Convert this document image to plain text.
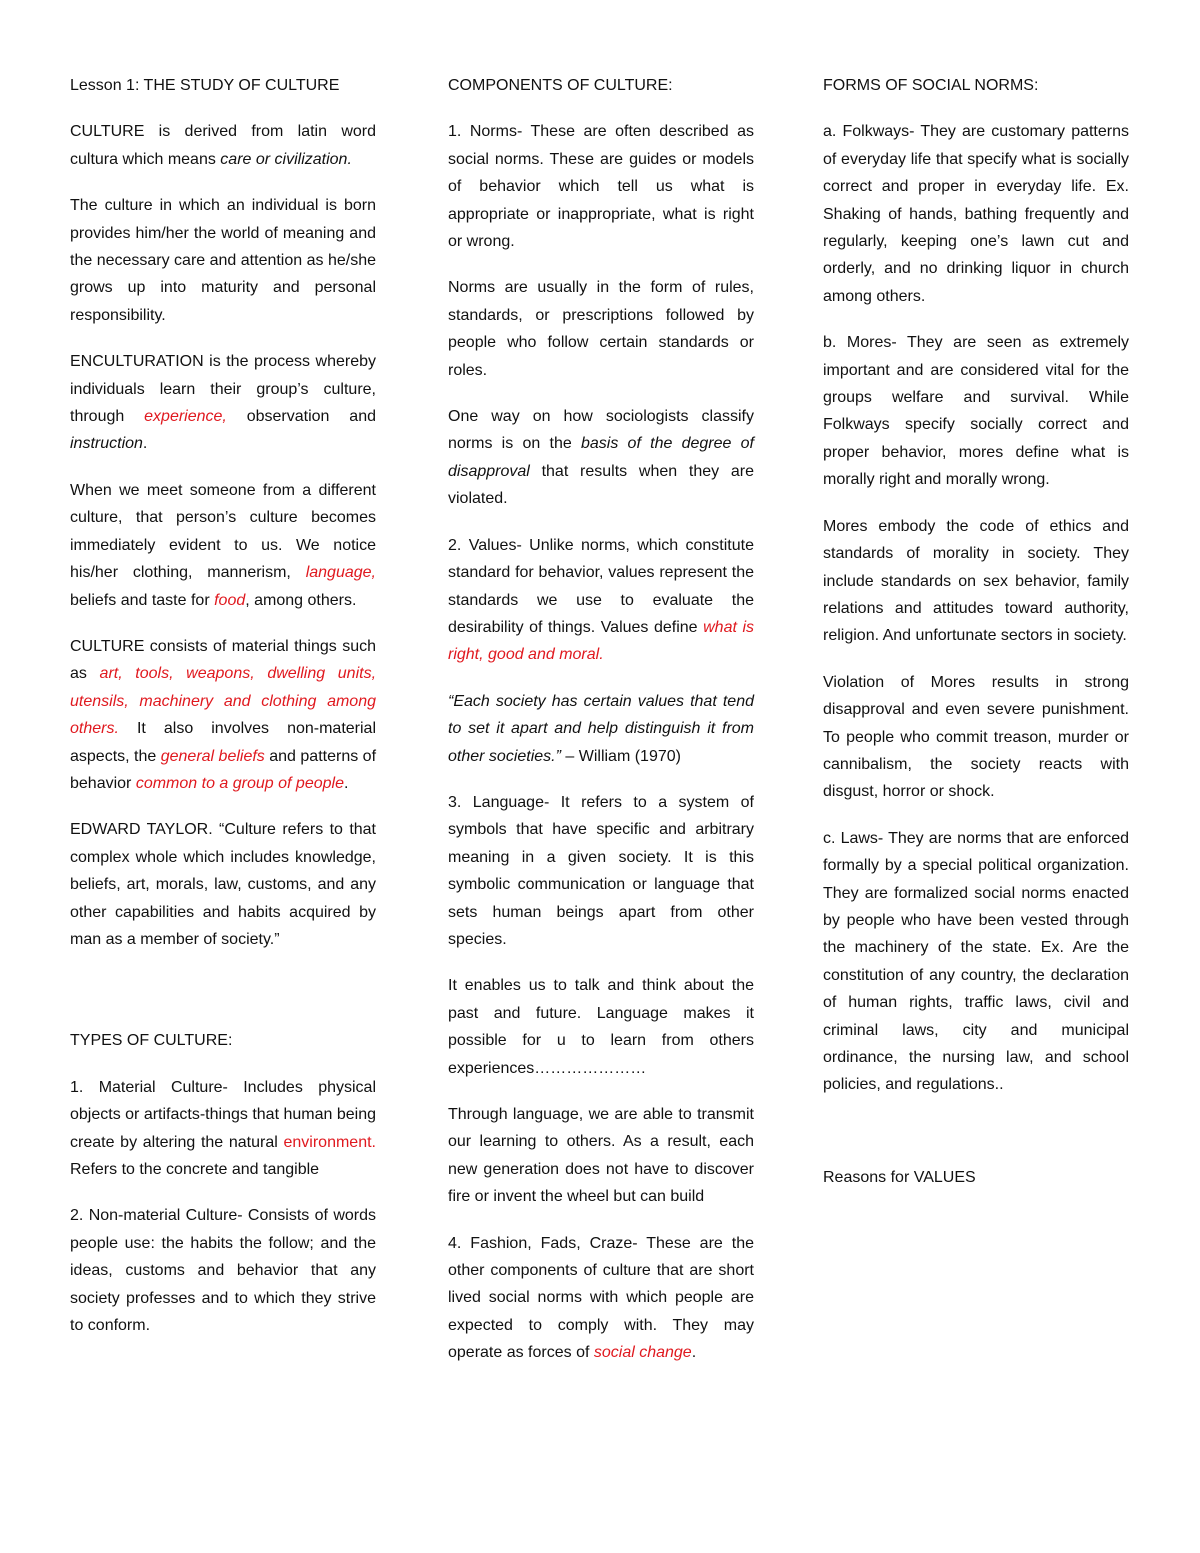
Lesson 1: THE STUDY OF CULTURE
CULTURE is derived from latin word cultura which means care or civilization.
The culture in which an individual is born provides him/her the world of meaning and the necessary care and attention as he/she grows up into maturity and personal responsibility.
ENCULTURATION is the process whereby individuals learn their group’s culture, through experience, observation and instruction.
When we meet someone from a different culture, that person’s culture becomes immediately evident to us. We notice his/her clothing, mannerism, language, beliefs and taste for food, among others.
CULTURE consists of material things such as art, tools, weapons, dwelling units, utensils, machinery and clothing among others. It also involves non-material aspects, the general beliefs and patterns of behavior common to a group of people.
EDWARD TAYLOR. “Culture refers to that complex whole which includes knowledge, beliefs, art, morals, law, customs, and any other capabilities and habits acquired by man as a member of society.”
TYPES OF CULTURE:
1. Material Culture- Includes physical objects or artifacts-things that human being create by altering the natural environment. Refers to the concrete and tangible
2. Non-material Culture- Consists of words people use: the habits the follow; and the ideas, customs and behavior that any society professes and to which they strive to conform.
COMPONENTS OF CULTURE:
1. Norms- These are often described as social norms. These are guides or models of behavior which tell us what is appropriate or inappropriate, what is right or wrong.
Norms are usually in the form of rules, standards, or prescriptions followed by people who follow certain standards or roles.
One way on how sociologists classify norms is on the basis of the degree of disapproval that results when they are violated.
2. Values- Unlike norms, which constitute standard for behavior, values represent the standards we use to evaluate the desirability of things. Values define what is right, good and moral.
“Each society has certain values that tend to set it apart and help distinguish it from other societies.” – William (1970)
3. Language- It refers to a system of symbols that have specific and arbitrary meaning in a given society. It is this symbolic communication or language that sets human beings apart from other species.
It enables us to talk and think about the past and future. Language makes it possible for u to learn from others experiences…………………
Through language, we are able to transmit our learning to others. As a result, each new generation does not have to discover fire or invent the wheel but can build
4. Fashion, Fads, Craze- These are the other components of culture that are short lived social norms with which people are expected to comply with. They may operate as forces of social change.
FORMS OF SOCIAL NORMS:
a. Folkways- They are customary patterns of everyday life that specify what is socially correct and proper in everyday life. Ex. Shaking of hands, bathing frequently and regularly, keeping one’s lawn cut and orderly, and no drinking liquor in church among others.
b. Mores- They are seen as extremely important and are considered vital for the groups welfare and survival. While Folkways specify socially correct and proper behavior, mores define what is morally right and morally wrong.
Mores embody the code of ethics and standards of morality in society. They include standards on sex behavior, family relations and attitudes toward authority, religion. And unfortunate sectors in society.
Violation of Mores results in strong disapproval and even severe punishment. To people who commit treason, murder or cannibalism, the society reacts with disgust, horror or shock.
c. Laws- They are norms that are enforced formally by a special political organization. They are formalized social norms enacted by people who have been vested through the machinery of the state. Ex. Are the constitution of any country, the declaration of human rights, traffic laws, civil and criminal laws, city and municipal ordinance, the nursing law, and school policies, and regulations..
Reasons for VALUES
